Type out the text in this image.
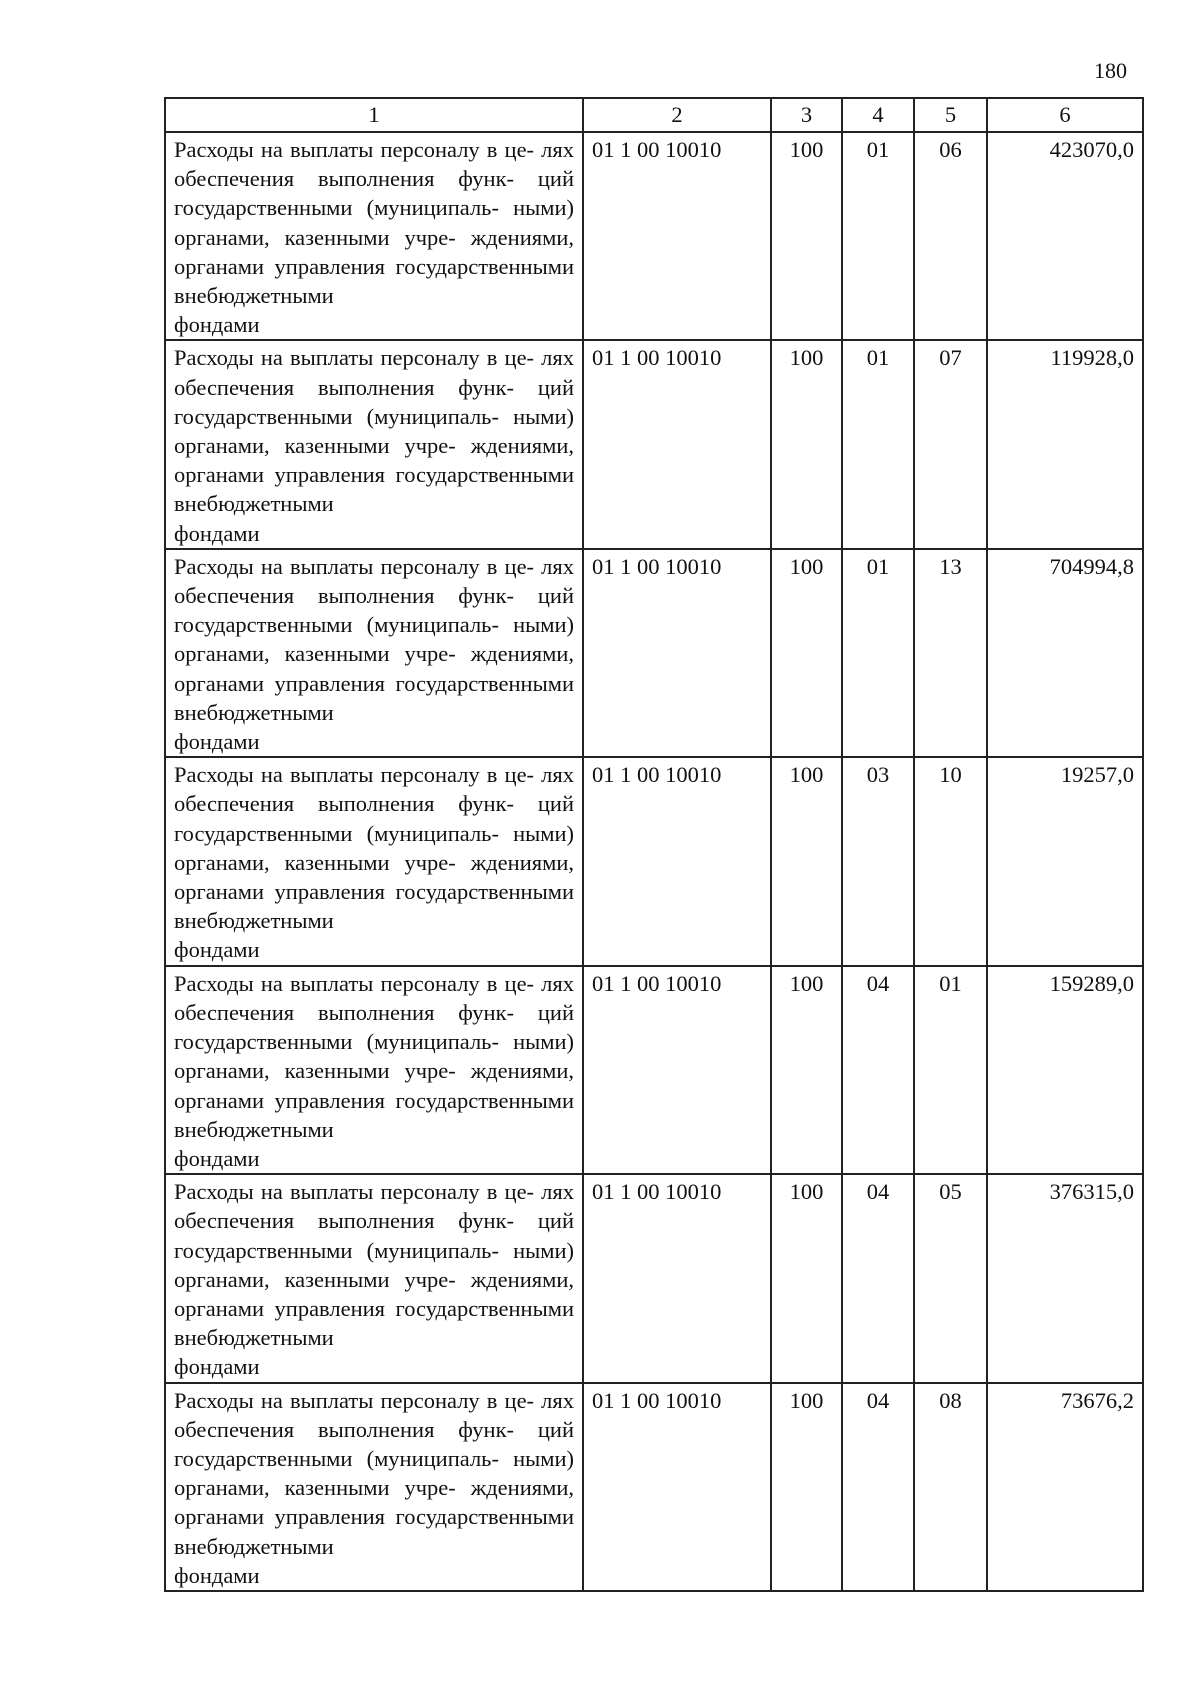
180
1	2	3	4	5	6
Расходы на выплаты персоналу в це- лях обеспечения выполнения функ- ций государственными (муниципаль- ными) органами, казенными учре- ждениями, органами управления государственными внебюджетными
фондами	01 1 00 10010	100	01	06	423070,0
Расходы на выплаты персоналу в це- лях обеспечения выполнения функ- ций государственными (муниципаль- ными) органами, казенными учре- ждениями, органами управления государственными внебюджетными
фондами	01 1 00 10010	100	01	07	119928,0
Расходы на выплаты персоналу в це- лях обеспечения выполнения функ- ций государственными (муниципаль- ными) органами, казенными учре- ждениями, органами управления государственными внебюджетными
фондами	01 1 00 10010	100	01	13	704994,8
Расходы на выплаты персоналу в це- лях обеспечения выполнения функ- ций государственными (муниципаль- ными) органами, казенными учре- ждениями, органами управления государственными внебюджетными
фондами	01 1 00 10010	100	03	10	19257,0
Расходы на выплаты персоналу в це- лях обеспечения выполнения функ- ций государственными (муниципаль- ными) органами, казенными учре- ждениями, органами управления государственными внебюджетными
фондами	01 1 00 10010	100	04	01	159289,0
Расходы на выплаты персоналу в це- лях обеспечения выполнения функ- ций государственными (муниципаль- ными) органами, казенными учре- ждениями, органами управления государственными внебюджетными
фондами	01 1 00 10010	100	04	05	376315,0
Расходы на выплаты персоналу в це- лях обеспечения выполнения функ- ций государственными (муниципаль- ными) органами, казенными учре- ждениями, органами управления государственными внебюджетными
фондами	01 1 00 10010	100	04	08	73676,2
